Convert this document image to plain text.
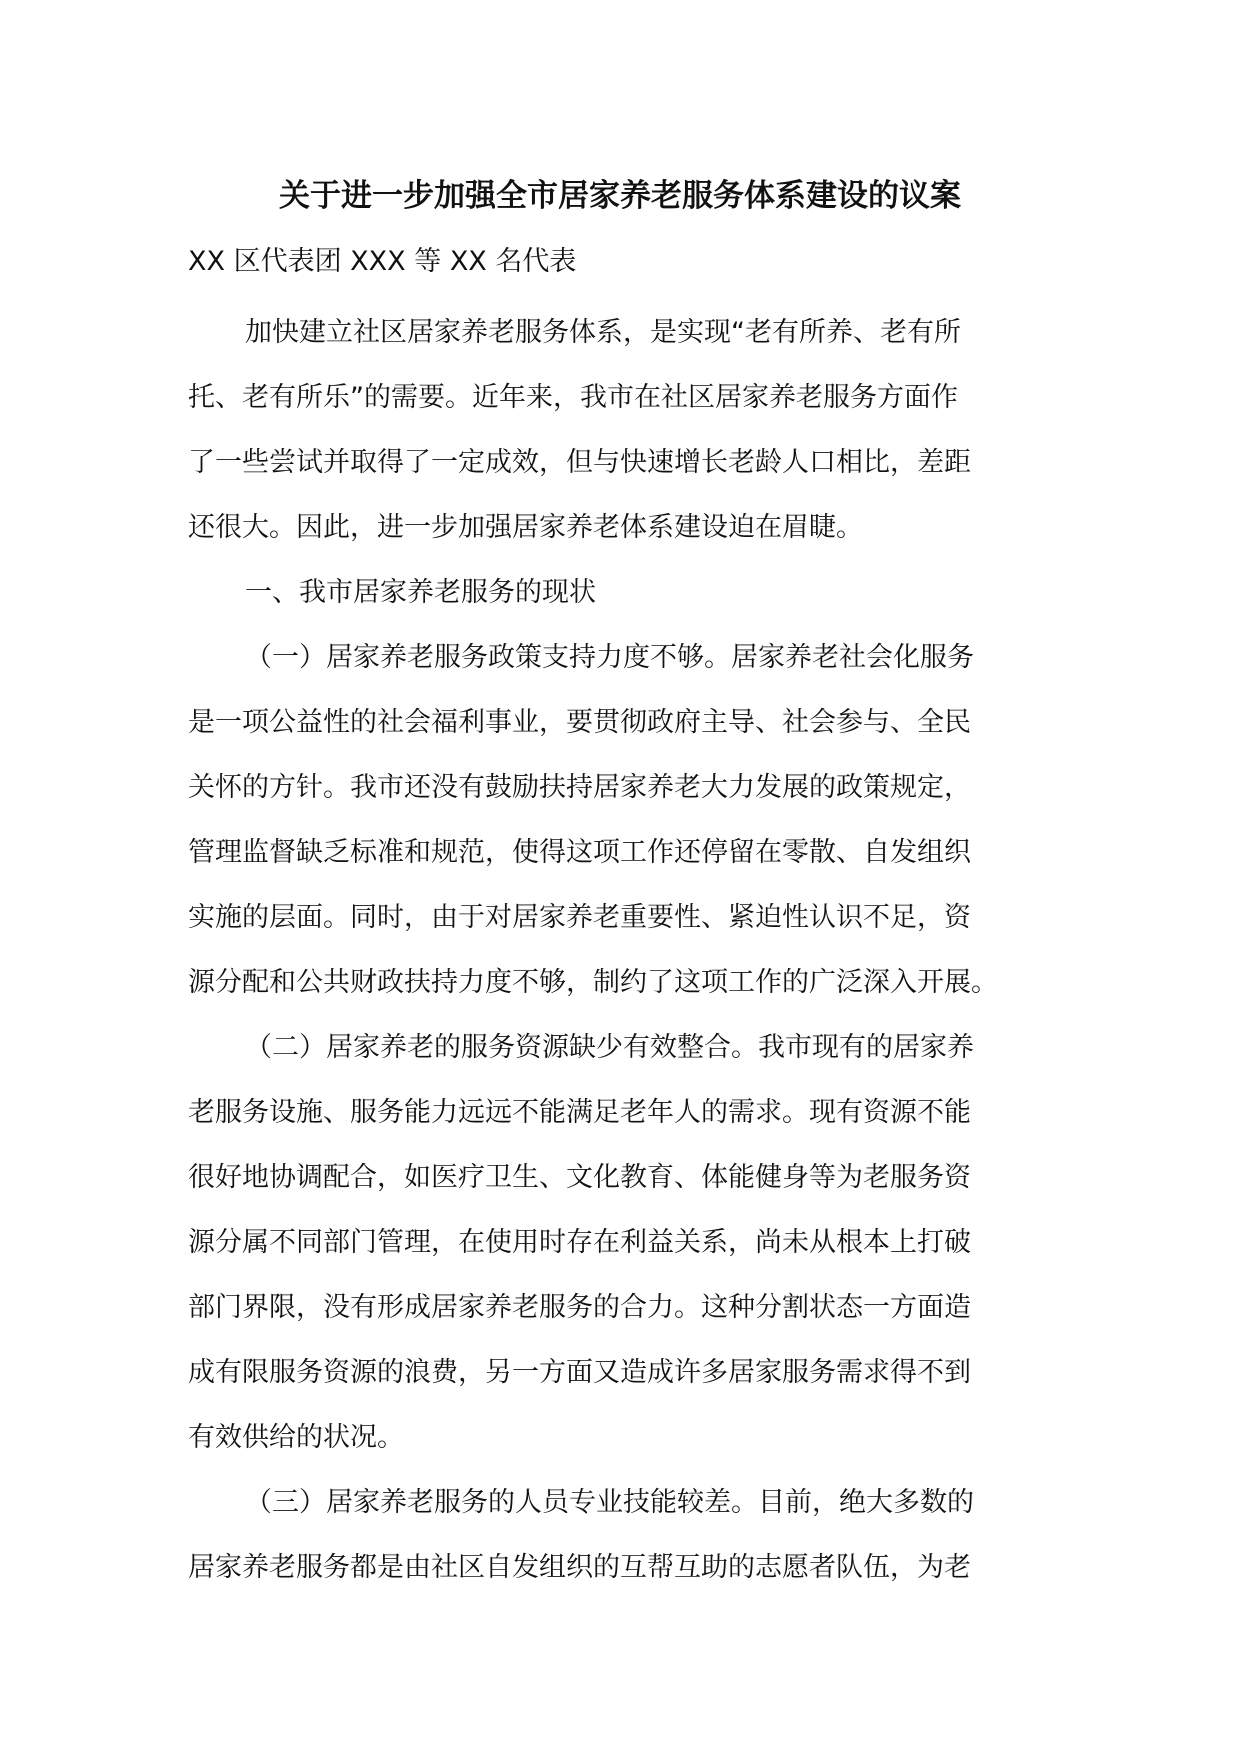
关于进一步加强全市居家养老服务体系建设的议案
XX 区代表团 XXX 等 XX 名代表
加快建立社区居家养老服务体系，是实现“老有所养、老有所
托、老有所乐”的需要。近年来，我市在社区居家养老服务方面作
了一些尝试并取得了一定成效，但与快速增长老龄人口相比，差距
还很大。因此，进一步加强居家养老体系建设迫在眉睫。
一、我市居家养老服务的现状
（一）居家养老服务政策支持力度不够。居家养老社会化服务
是一项公益性的社会福利事业，要贯彻政府主导、社会参与、全民
关怀的方针。我市还没有鼓励扶持居家养老大力发展的政策规定，
管理监督缺乏标准和规范，使得这项工作还停留在零散、自发组织
实施的层面。同时，由于对居家养老重要性、紧迫性认识不足，资
源分配和公共财政扶持力度不够，制约了这项工作的广泛深入开展。
（二）居家养老的服务资源缺少有效整合。我市现有的居家养
老服务设施、服务能力远远不能满足老年人的需求。现有资源不能
很好地协调配合，如医疗卫生、文化教育、体能健身等为老服务资
源分属不同部门管理，在使用时存在利益关系，尚未从根本上打破
部门界限，没有形成居家养老服务的合力。这种分割状态一方面造
成有限服务资源的浪费，另一方面又造成许多居家服务需求得不到
有效供给的状况。
（三）居家养老服务的人员专业技能较差。目前，绝大多数的
居家养老服务都是由社区自发组织的互帮互助的志愿者队伍，为老
